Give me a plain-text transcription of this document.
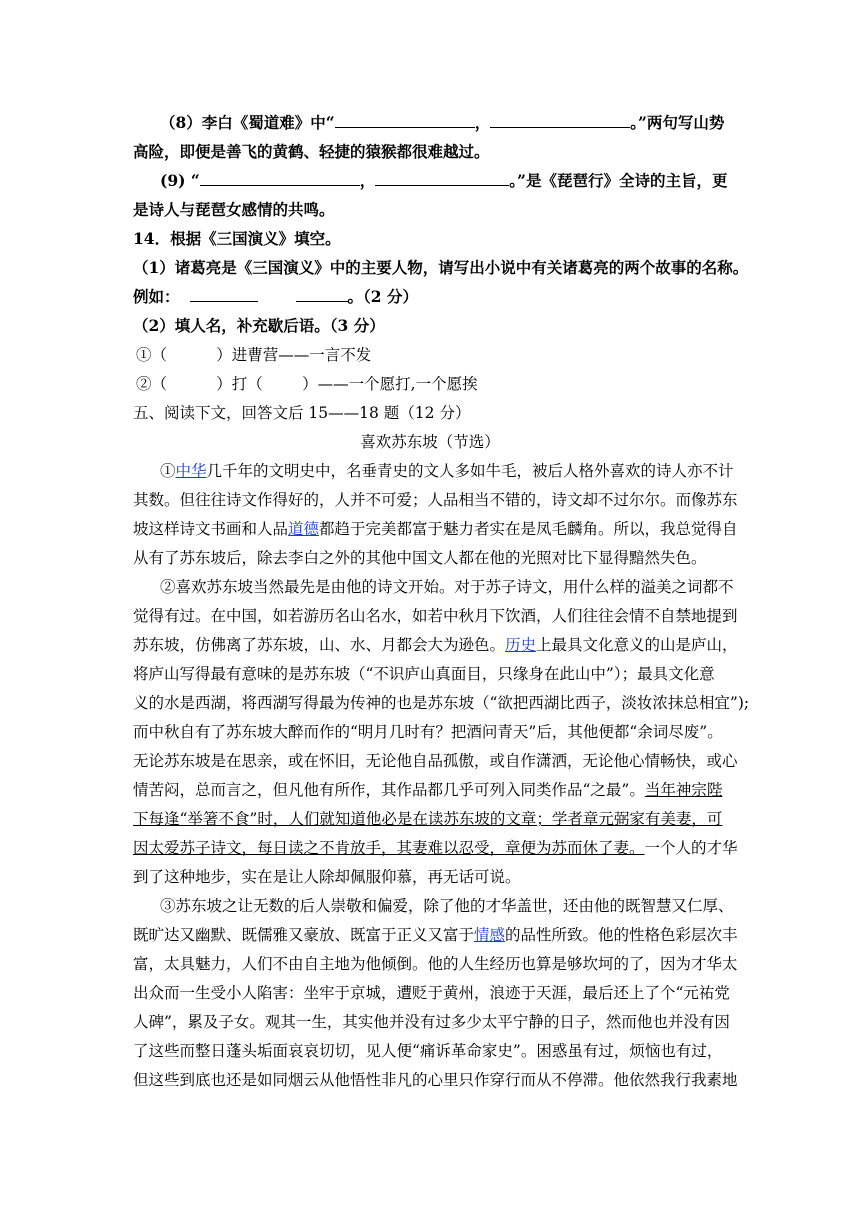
（8）李白《蜀道难》中“	，	。”两句写山势
高险，即便是善飞的黄鹤、轻捷的猿猴都很难越过。
(9) “	，	。”是《琵琶行》全诗的主旨，更
是诗人与琵琶女感情的共鸣。
14．根据《三国演义》填空。
（1）诸葛亮是《三国演义》中的主要人物，请写出小说中有关诸葛亮的两个故事的名称。
例如：	。（2 分）
（2）填人名，补充歇后语。（3 分）
①（          ）进曹营——一言不发
②（          ）打（        ）——一个愿打,一个愿挨
五、阅读下文，回答文后 15——18 题（12 分）
喜欢苏东坡（节选）
①中华几千年的文明史中，名垂青史的文人多如牛毛，被后人格外喜欢的诗人亦不计
其数。但往往诗文作得好的，人并不可爱；人品相当不错的，诗文却不过尔尔。而像苏东
坡这样诗文书画和人品道德都趋于完美都富于魅力者实在是凤毛麟角。所以，我总觉得自
从有了苏东坡后，除去李白之外的其他中国文人都在他的光照对比下显得黯然失色。
②喜欢苏东坡当然最先是由他的诗文开始。对于苏子诗文，用什么样的溢美之词都不
觉得有过。在中国，如若游历名山名水，如若中秋月下饮酒，人们往往会情不自禁地提到
苏东坡，仿佛离了苏东坡，山、水、月都会大为逊色。历史上最具文化意义的山是庐山，
将庐山写得最有意味的是苏东坡（“不识庐山真面目，只缘身在此山中”）；最具文化意
义的水是西湖，将西湖写得最为传神的也是苏东坡（“欲把西湖比西子，淡妆浓抹总相宜”);
而中秋自有了苏东坡大醉而作的“明月几时有？把酒问青天”后，其他便都“余词尽废”。
无论苏东坡是在思亲，或在怀旧，无论他自品孤傲，或自作潇洒，无论他心情畅快，或心
情苦闷，总而言之，但凡他有所作，其作品都几乎可列入同类作品“之最”。当年神宗陛
下每逢“举箸不食”时，人们就知道他必是在读苏东坡的文章；学者章元弼家有美妻，可
因太爱苏子诗文，每日读之不肯放手，其妻难以忍受，章便为苏而休了妻。一个人的才华
到了这种地步，实在是让人除却佩服仰慕，再无话可说。
③苏东坡之让无数的后人崇敬和偏爱，除了他的才华盖世，还由他的既智慧又仁厚、
既旷达又幽默、既儒雅又豪放、既富于正义又富于情感的品性所致。他的性格色彩层次丰
富，太具魅力，人们不由自主地为他倾倒。他的人生经历也算是够坎坷的了，因为才华太
出众而一生受小人陷害：坐牢于京城，遭贬于黄州，浪迹于天涯，最后还上了个“元祐党
人碑”，累及子女。观其一生，其实他并没有过多少太平宁静的日子，然而他也并没有因
了这些而整日蓬头垢面哀哀切切，见人便“痛诉革命家史”。困惑虽有过，烦恼也有过，
但这些到底也还是如同烟云从他悟性非凡的心里只作穿行而从不停滞。他依然我行我素地
